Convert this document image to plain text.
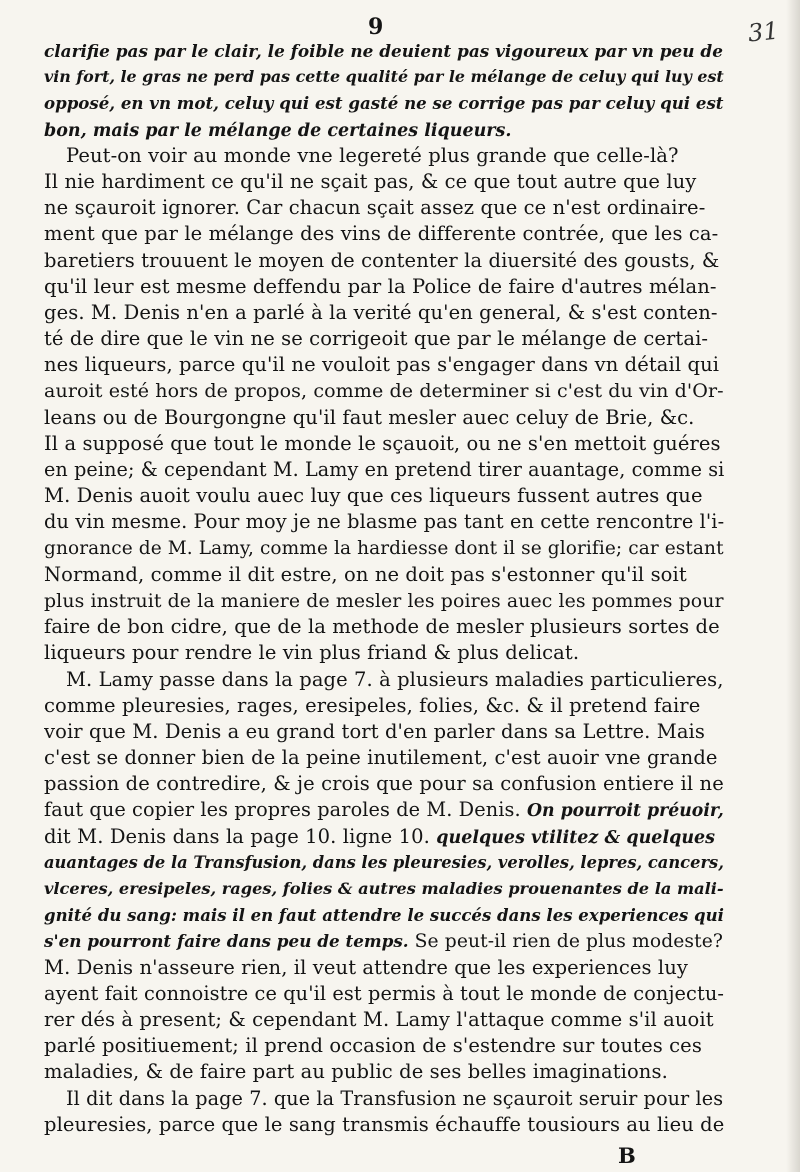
9	31
clarifie pas par le clair, le foible ne deuient pas vigoureux par vn peu de
vin fort, le gras ne perd pas cette qualité par le mélange de celuy qui luy est
opposé, en vn mot, celuy qui est gasté ne se corrige pas par celuy qui est
bon, mais par le mélange de certaines liqueurs.
Peut-on voir au monde vne legereté plus grande que celle-là?
Il nie hardiment ce qu'il ne sçait pas, & ce que tout autre que luy
ne sçauroit ignorer. Car chacun sçait assez que ce n'est ordinaire-
ment que par le mélange des vins de differente contrée, que les ca-
baretiers trouuent le moyen de contenter la diuersité des gousts, &
qu'il leur est mesme deffendu par la Police de faire d'autres mélan-
ges. M. Denis n'en a parlé à la verité qu'en general, & s'est conten-
té de dire que le vin ne se corrigeoit que par le mélange de certai-
nes liqueurs, parce qu'il ne vouloit pas s'engager dans vn détail qui
auroit esté hors de propos, comme de determiner si c'est du vin d'Or-
leans ou de Bourgongne qu'il faut mesler auec celuy de Brie, &c.
Il a supposé que tout le monde le sçauoit, ou ne s'en mettoit guéres
en peine; & cependant M. Lamy en pretend tirer auantage, comme si
M. Denis auoit voulu auec luy que ces liqueurs fussent autres que
du vin mesme. Pour moy je ne blasme pas tant en cette rencontre l'i-
gnorance de M. Lamy, comme la hardiesse dont il se glorifie; car estant
Normand, comme il dit estre, on ne doit pas s'estonner qu'il soit
plus instruit de la maniere de mesler les poires auec les pommes pour
faire de bon cidre, que de la methode de mesler plusieurs sortes de
liqueurs pour rendre le vin plus friand & plus delicat.
M. Lamy passe dans la page 7. à plusieurs maladies particulieres,
comme pleuresies, rages, eresipeles, folies, &c. & il pretend faire
voir que M. Denis a eu grand tort d'en parler dans sa Lettre. Mais
c'est se donner bien de la peine inutilement, c'est auoir vne grande
passion de contredire, & je crois que pour sa confusion entiere il ne
faut que copier les propres paroles de M. Denis. On pourroit préuoir,
dit M. Denis dans la page 10. ligne 10. quelques vtilitez & quelques
auantages de la Transfusion, dans les pleuresies, verolles, lepres, cancers,
vlceres, eresipeles, rages, folies & autres maladies prouenantes de la mali-
gnité du sang: mais il en faut attendre le succés dans les experiences qui
s'en pourront faire dans peu de temps. Se peut-il rien de plus modeste?
M. Denis n'asseure rien, il veut attendre que les experiences luy
ayent fait connoistre ce qu'il est permis à tout le monde de conjectu-
rer dés à present; & cependant M. Lamy l'attaque comme s'il auoit
parlé positiuement; il prend occasion de s'estendre sur toutes ces
maladies, & de faire part au public de ses belles imaginations.
Il dit dans la page 7. que la Transfusion ne sçauroit seruir pour les
pleuresies, parce que le sang transmis échauffe tousiours au lieu de
B
